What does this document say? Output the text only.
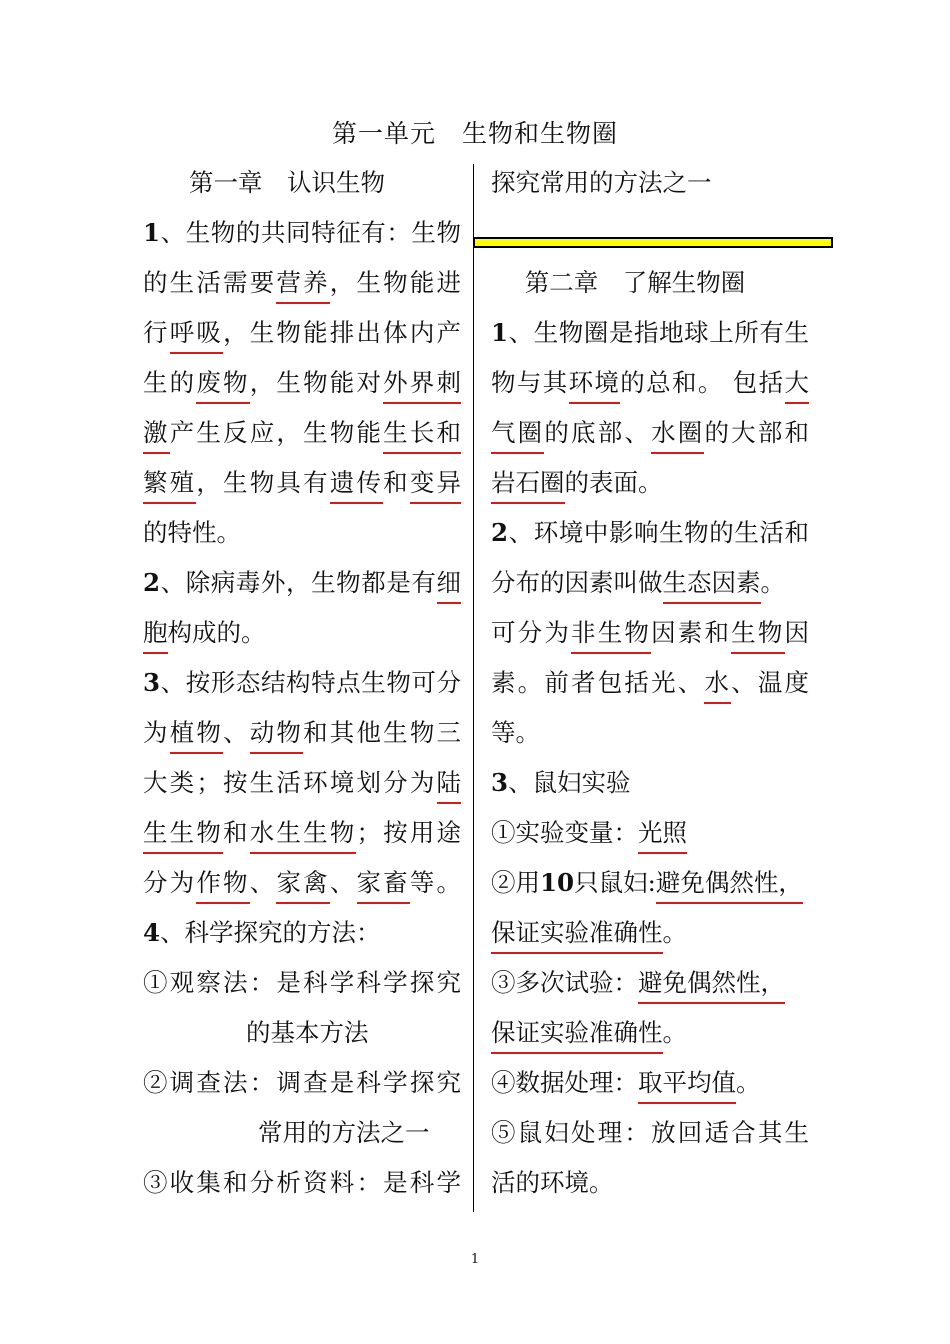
第一单元　生物和生物圈
第一章　认识生物
1、生物的共同特征有：生物
的生活需要营养，生物能进
行呼吸，生物能排出体内产
生的废物，生物能对外界刺
激产生反应，生物能生长和
繁殖，生物具有遗传和变异
的特性。
2、除病毒外，生物都是有细
胞构成的。
3、按形态结构特点生物可分
为植物、动物和其他生物三
大类；按生活环境划分为陆
生生物和水生生物；按用途
分为作物、家禽、家畜等。
4、科学探究的方法：
①观察法：是科学科学探究
的基本方法
②调查法：调查是科学探究
常用的方法之一
③收集和分析资料：是科学
探究常用的方法之一
第二章　了解生物圈
1、生物圈是指地球上所有生
物与其环境的总和。 包括大
气圈的底部、水圈的大部和
岩石圈的表面。
2、环境中影响生物的生活和
分布的因素叫做生态因素。
可分为非生物因素和生物因
素。前者包括光、水、温度
等。
3、鼠妇实验
①实验变量：光照
②用10只鼠妇:避免偶然性，
保证实验准确性。
③多次试验：避免偶然性，
保证实验准确性。
④数据处理：取平均值。
⑤鼠妇处理：放回适合其生
活的环境。
1
